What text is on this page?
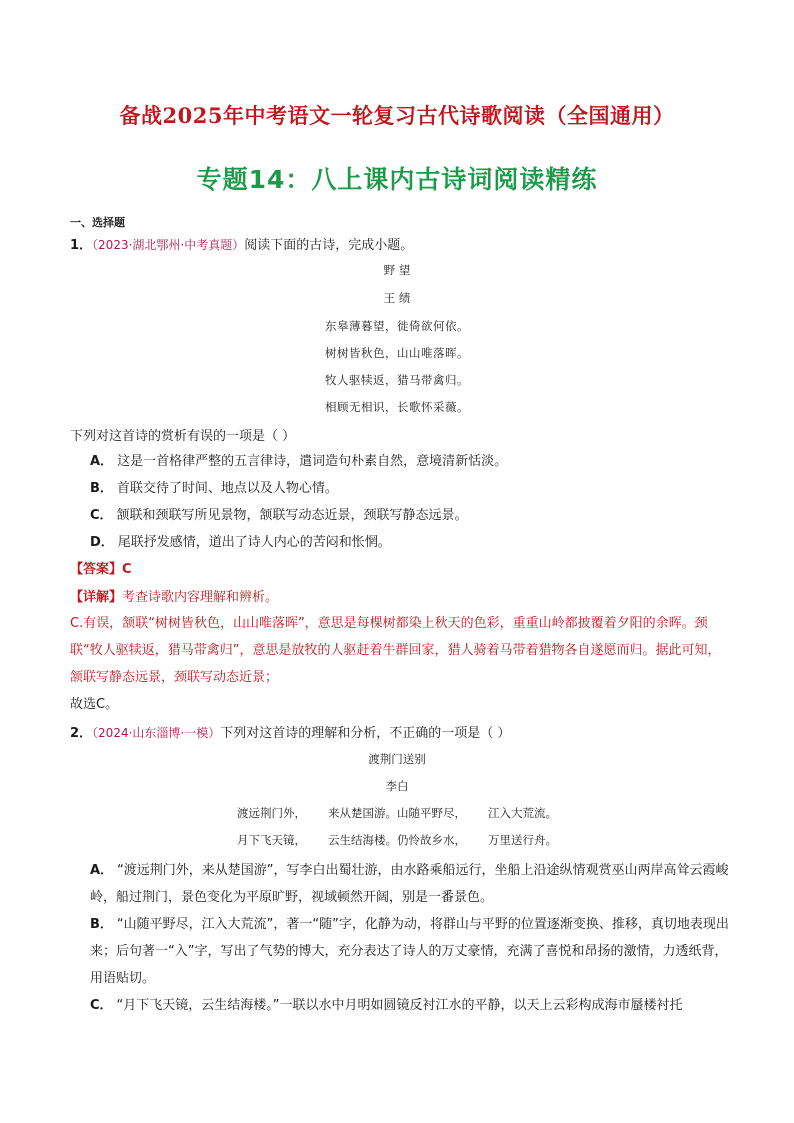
备战2025年中考语文一轮复习古代诗歌阅读（全国通用）
专题14：八上课内古诗词阅读精练
一、选择题
1．（2023·湖北鄂州·中考真题）阅读下面的古诗，完成小题。
野 望
王 绩
东皋薄暮望，徙倚欲何依。
树树皆秋色，山山唯落晖。
牧人驱犊返，猎马带禽归。
相顾无相识，长歌怀采薇。
下列对这首诗的赏析有误的一项是（ ）
A． 这是一首格律严整的五言律诗，遣词造句朴素自然，意境清新恬淡。
B． 首联交待了时间、地点以及人物心情。
C． 颔联和颈联写所见景物，颔联写动态近景，颈联写静态远景。
D． 尾联抒发感情，道出了诗人内心的苦闷和怅惘。
【答案】C
【详解】考查诗歌内容理解和辨析。
C.有误，颔联“树树皆秋色，山山唯落晖”，意思是每棵树都染上秋天的色彩，重重山岭都披覆着夕阳的余晖。颈联“牧人驱犊返，猎马带禽归”，意思是放牧的人驱赶着牛群回家，猎人骑着马带着猎物各自遂愿而归。据此可知，颔联写静态远景，颈联写动态近景；
故选C。
2．（2024·山东淄博·一模）下列对这首诗的理解和分析，不正确的一项是（ ）
渡荆门送别
李白
渡远荆门外， 来从楚国游。山随平野尽， 江入大荒流。
月下飞天镜， 云生结海楼。仍怜故乡水， 万里送行舟。
A． “渡远荆门外，来从楚国游”，写李白出蜀壮游，由水路乘船远行，坐船上沿途纵情观赏巫山两岸高耸云霞峻岭，船过荆门，景色变化为平原旷野，视域顿然开阔，别是一番景色。
B． “山随平野尽，江入大荒流”，著一“随”字，化静为动，将群山与平野的位置逐渐变换、推移，真切地表现出来；后句著一“入”字，写出了气势的博大，充分表达了诗人的万丈豪情，充满了喜悦和昂扬的激情，力透纸背，用语贴切。
C． “月下飞天镜，云生结海楼。”一联以水中月明如圆镜反衬江水的平静，以天上云彩构成海市蜃楼衬托
